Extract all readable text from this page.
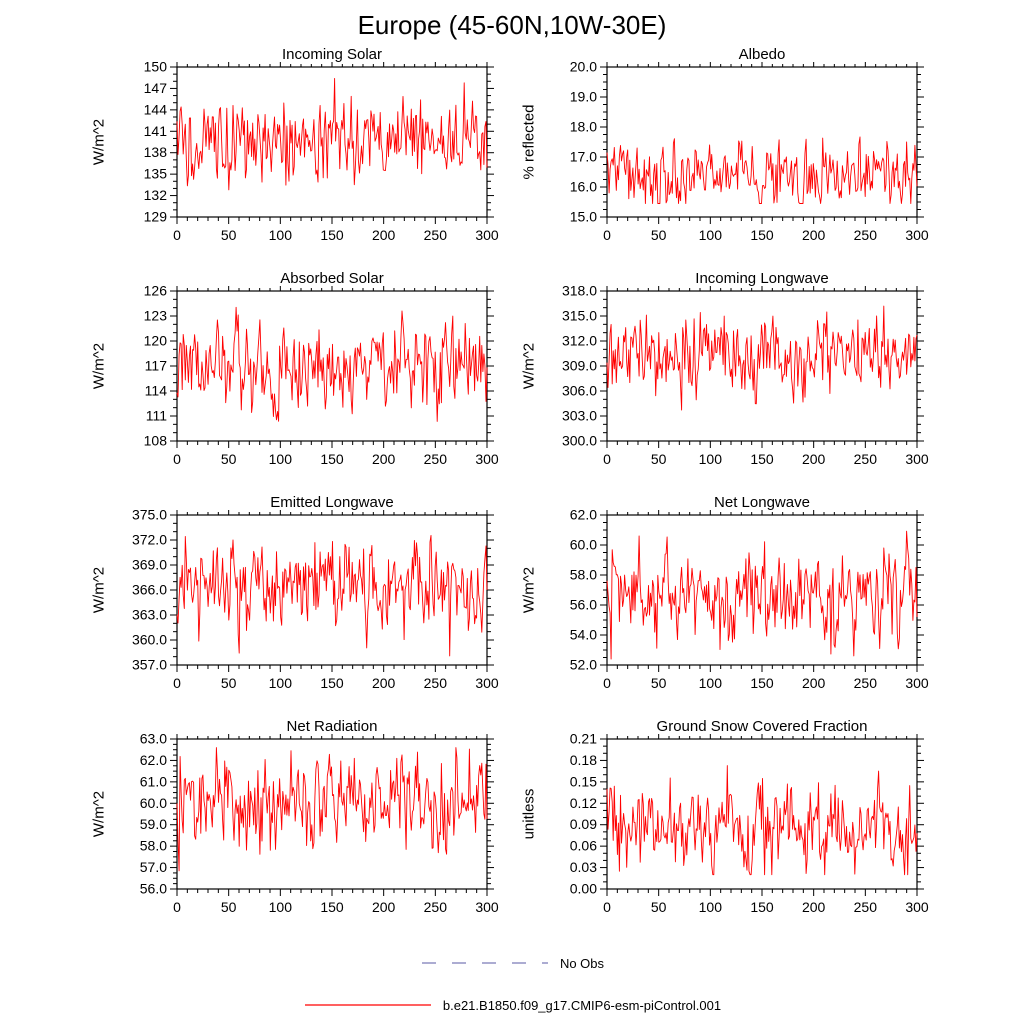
Europe (45-60N,10W-30E)
0	50 100 150 200 250 300
150
147
144
141
138
135
132
129
Incoming Solar
W/m^2
0	50 100 150 200 250 300
20.0
19.0
18.0
17.0
16.0
15.0
Albedo
% reflected
0	50 100 150 200 250 300
126
123
120
117
114
111
108
Absorbed Solar
W/m^2
0	50 100 150 200 250 300
318.0
315.0
312.0
309.0
306.0
303.0
300.0
Incoming Longwave
W/m^2
0	50 100 150 200 250 300
375.0
372.0
369.0
366.0
363.0
360.0
357.0
Emitted Longwave
W/m^2
0	50 100 150 200 250 300
62.0
60.0
58.0
56.0
54.0
52.0
Net Longwave
W/m^2
0	50 100 150 200 250 300
63.0
62.0
61.0
60.0
59.0
58.0
57.0
56.0
Net Radiation
W/m^2
0	50 100 150 200 250 300
0.21
0.18
0.15
0.12
0.09
0.06
0.03
0.00
Ground Snow Covered Fraction
unitless
No Obs
b.e21.B1850.f09_g17.CMIP6-esm-piControl.001
